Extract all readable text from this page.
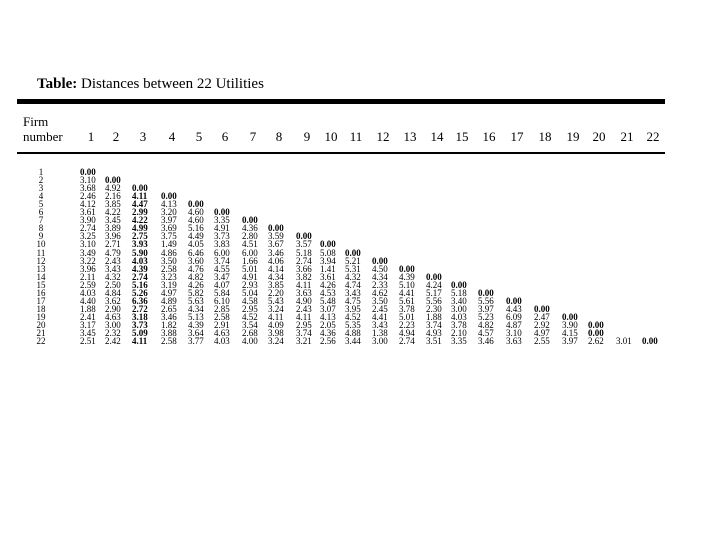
Table: Distances between 22 Utilities
Firm
number	1	2	3	4	5	6	7	8	9	10 11	12	13	14 15	16	17	18	19	20	21	22
1	0.00
2	3.10 0.00
3	3.68 4.92 0.00
4	2.46 2.16 4.11 0.00
5	4.12 3.85 4.47 4.13 0.00
6	3.61 4.22 2.99 3.20 4.60 0.00
7	3.90 3.45 4.22 3.97 4.60 3.35 0.00
8	2.74 3.89 4.99 3.69 5.16 4.91 4.36 0.00
9	3.25 3.96 2.75 3.75 4.49 3.73 2.80 3.59 0.00
10	3.10 2.71 3.93 1.49 4.05 3.83 4.51 3.67 3.57 0.00
11	3.49 4.79 5.90 4.86 6.46 6.00 6.00 3.46 5.18 5.08 0.00
12	3.22 2.43 4.03 3.50 3.60 3.74 1.66 4.06 2.74 3.94 5.21 0.00
13	3.96 3.43 4.39 2.58 4.76 4.55 5.01 4.14 3.66 1.41 5.31 4.50 0.00
14	2.11 4.32 2.74 3.23 4.82 3.47 4.91 4.34 3.82 3.61 4.32 4.34 4.39 0.00
15	2.59 2.50 5.16 3.19 4.26 4.07 2.93 3.85 4.11 4.26 4.74 2.33 5.10 4.24 0.00
16	4.03 4.84 5.26 4.97 5.82 5.84 5.04 2.20 3.63 4.53 3.43 4.62 4.41 5.17 5.18 0.00
17	4.40 3.62 6.36 4.89 5.63 6.10 4.58 5.43 4.90 5.48 4.75 3.50 5.61 5.56 3.40 5.56 0.00
18	1.88 2.90 2.72 2.65 4.34 2.85 2.95 3.24 2.43 3.07 3.95 2.45 3.78 2.30 3.00 3.97 4.43 0.00
19	2.41 4.63 3.18 3.46 5.13 2.58 4.52 4.11 4.11 4.13 4.52 4.41 5.01 1.88 4.03 5.23 6.09 2.47 0.00
20	3.17 3.00 3.73 1.82 4.39 2.91 3.54 4.09 2.95 2.05 5.35 3.43 2.23 3.74 3.78 4.82 4.87 2.92 3.90 0.00
21	3.45 2.32 5.09 3.88 3.64 4.63 2.68 3.98 3.74 4.36 4.88 1.38 4.94 4.93 2.10 4.57 3.10 4.97 4.15 0.00
22	2.51 2.42 4.11 2.58 3.77 4.03 4.00 3.24 3.21 2.56 3.44 3.00 2.74 3.51 3.35 3.46 3.63 2.55 3.97 2.62 3.01 0.00
